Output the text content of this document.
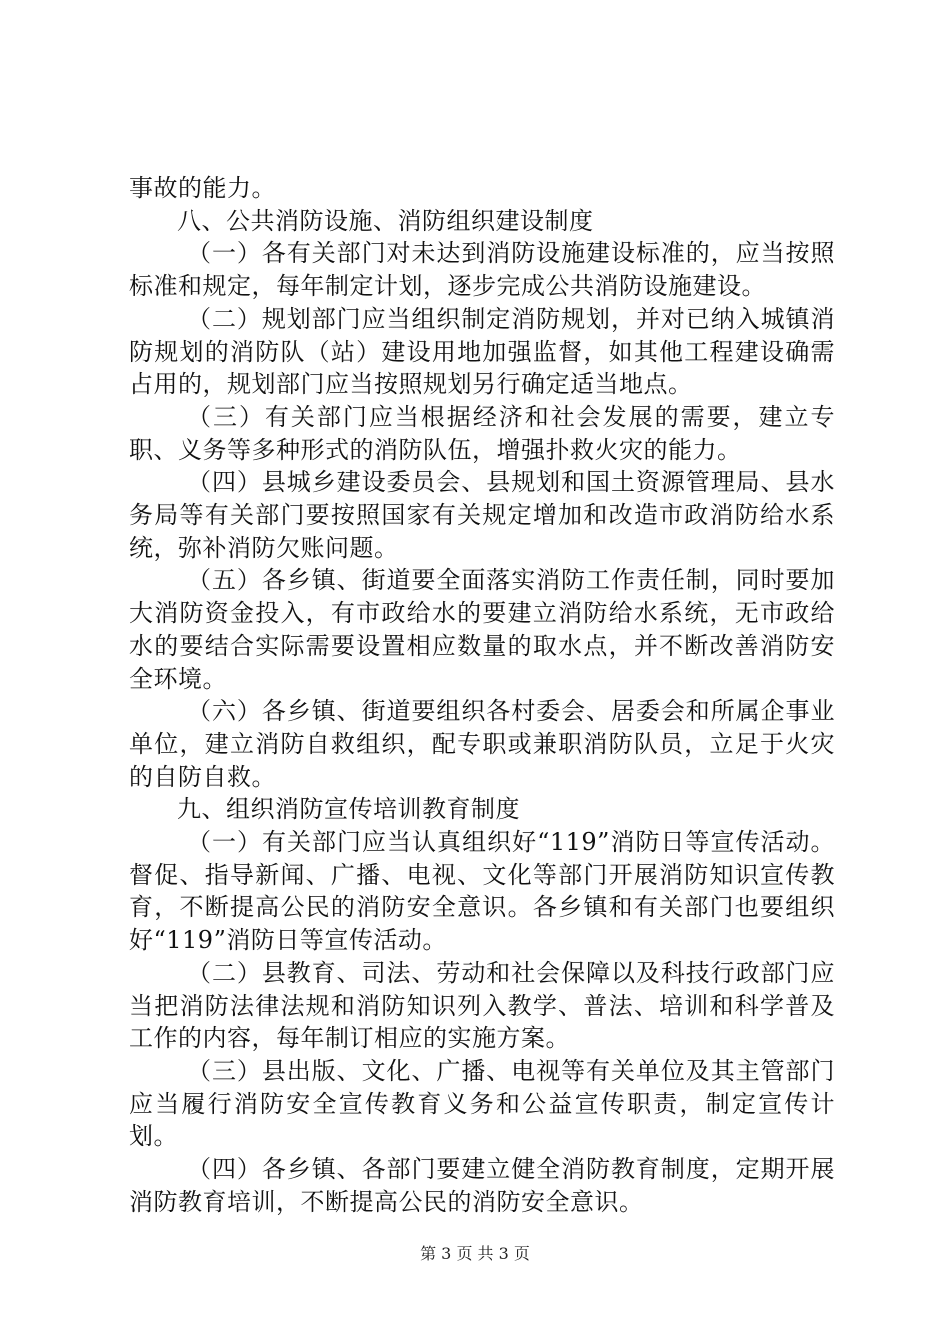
事故的能力。

八、公共消防设施、消防组织建设制度

（一）各有关部门对未达到消防设施建设标准的，应当按照标准和规定，每年制定计划，逐步完成公共消防设施建设。

（二）规划部门应当组织制定消防规划，并对已纳入城镇消防规划的消防队（站）建设用地加强监督，如其他工程建设确需占用的，规划部门应当按照规划另行确定适当地点。

（三）有关部门应当根据经济和社会发展的需要，建立专职、义务等多种形式的消防队伍，增强扑救火灾的能力。

（四）县城乡建设委员会、县规划和国土资源管理局、县水务局等有关部门要按照国家有关规定增加和改造市政消防给水系统，弥补消防欠账问题。

（五）各乡镇、街道要全面落实消防工作责任制，同时要加大消防资金投入，有市政给水的要建立消防给水系统，无市政给水的要结合实际需要设置相应数量的取水点，并不断改善消防安全环境。

（六）各乡镇、街道要组织各村委会、居委会和所属企事业单位，建立消防自救组织，配专职或兼职消防队员，立足于火灾的自防自救。

九、组织消防宣传培训教育制度

（一）有关部门应当认真组织好“119”消防日等宣传活动。督促、指导新闻、广播、电视、文化等部门开展消防知识宣传教育，不断提高公民的消防安全意识。各乡镇和有关部门也要组织好“119”消防日等宣传活动。

（二）县教育、司法、劳动和社会保障以及科技行政部门应当把消防法律法规和消防知识列入教学、普法、培训和科学普及工作的内容，每年制订相应的实施方案。

（三）县出版、文化、广播、电视等有关单位及其主管部门应当履行消防安全宣传教育义务和公益宣传职责，制定宣传计划。

（四）各乡镇、各部门要建立健全消防教育制度，定期开展消防教育培训，不断提高公民的消防安全意识。

第 3 页 共 3 页
